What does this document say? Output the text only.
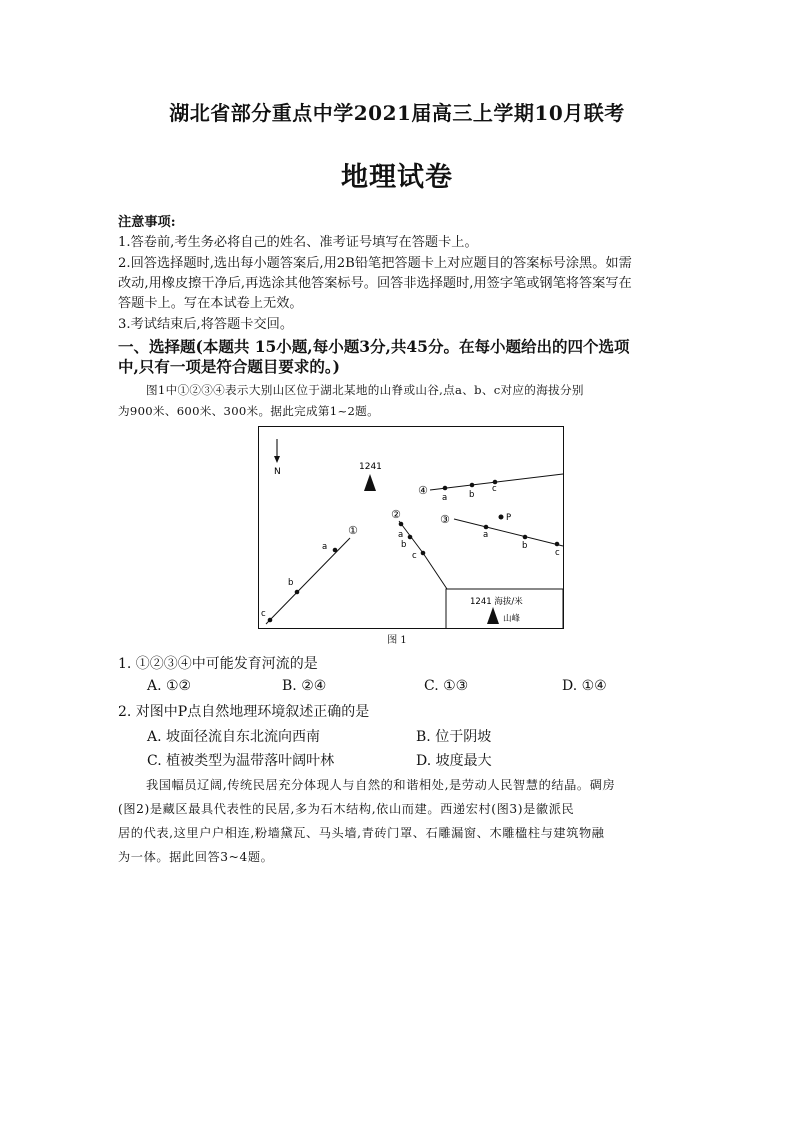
湖北省部分重点中学2021届高三上学期10月联考
地理试卷
注意事项:
1.答卷前,考生务必将自己的姓名、准考证号填写在答题卡上。
2.回答选择题时,选出每小题答案后,用2B铅笔把答题卡上对应题目的答案标号涂黑。如需
改动,用橡皮擦干净后,再选涂其他答案标号。回答非选择题时,用签字笔或钢笔将答案写在
答题卡上。写在本试卷上无效。
3.考试结束后,将答题卡交回。
一、选择题(本题共 15小题,每小题3分,共45分。在每小题给出的四个选项
中,只有一项是符合题目要求的。)
图1中①②③④表示大别山区位于湖北某地的山脊或山谷,点a、b、c对应的海拔分别
为900米、600米、300米。据此完成第1~2题。
N	1241
c
b
a
①
②
a
b
c
④
a	b
c
③
a
b
c
P
1241 海拔/米
山峰
图 1
1. ①②③④中可能发育河流的是
A. ①②	B. ②④	C. ①③	D. ①④
2. 对图中P点自然地理环境叙述正确的是
A. 坡面径流自东北流向西南	B. 位于阴坡
C. 植被类型为温带落叶阔叶林	D. 坡度最大
我国幅员辽阔,传统民居充分体现人与自然的和谐相处,是劳动人民智慧的结晶。碉房
(图2)是藏区最具代表性的民居,多为石木结构,依山而建。西递宏村(图3)是徽派民
居的代表,这里户户相连,粉墙黛瓦、马头墙,青砖门罩、石雕漏窗、木雕楹柱与建筑物融
为一体。据此回答3~4题。
